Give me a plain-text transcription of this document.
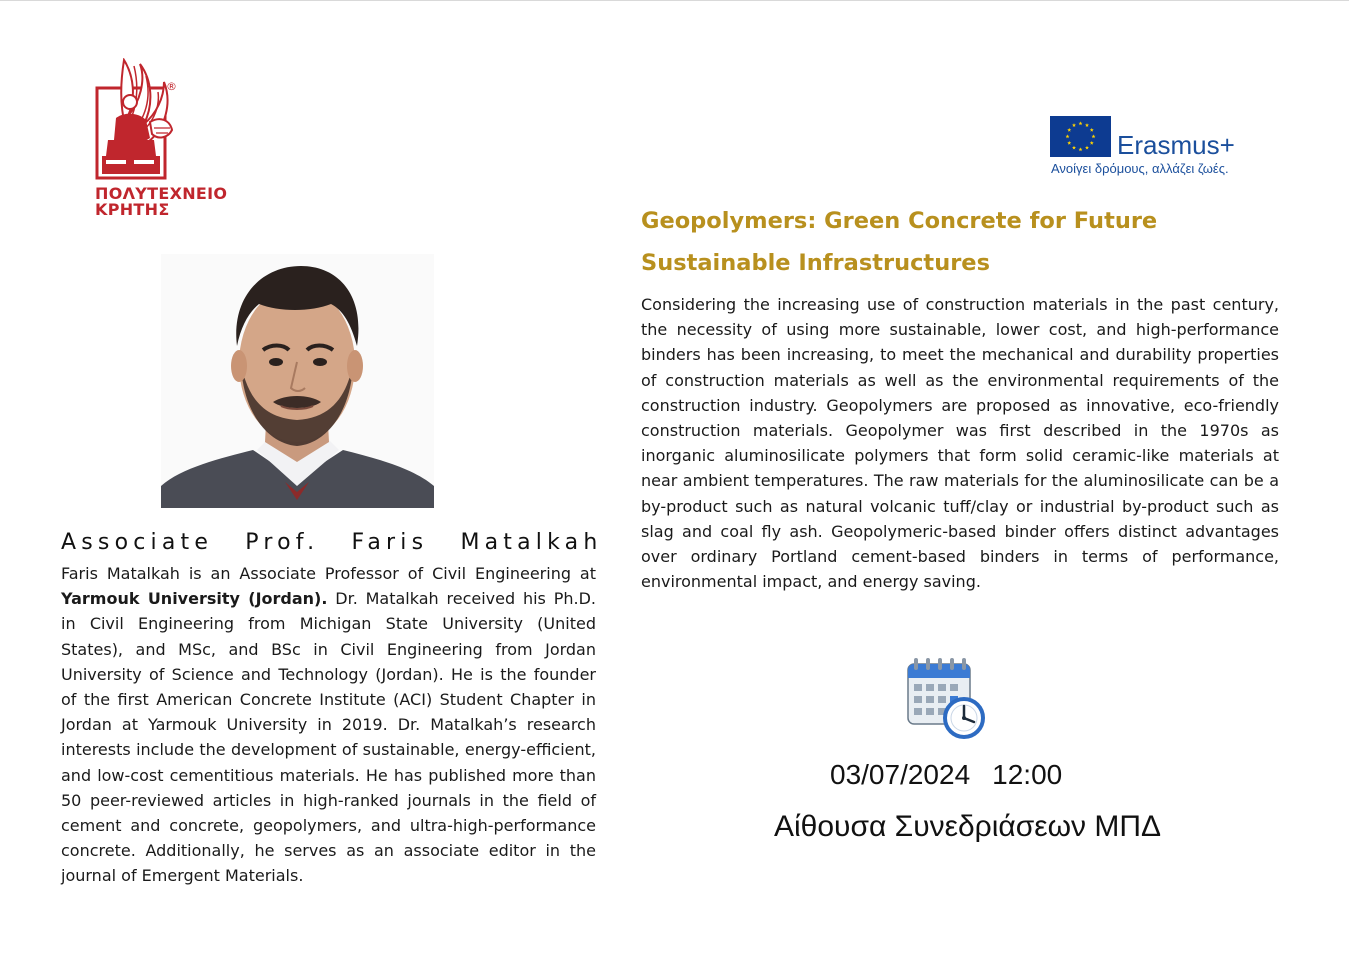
®
ΠΟΛΥΤΕΧΝΕΙΟ
ΚΡΗΤΗΣ
Erasmus+
Ανοίγει δρόμους, αλλάζει ζωές.
Associate Prof. Faris Matalkah

Faris Matalkah is an Associate Professor of Civil Engineering at Yarmouk University (Jordan). Dr. Matalkah received his Ph.D. in Civil Engineering from Michigan State University (United States), and MSc, and BSc in Civil Engineering from Jordan University of Science and Technology (Jordan). He is the founder of the first American Concrete Institute (ACI) Student Chapter in Jordan at Yarmouk University in 2019. Dr. Matalkah’s research interests include the development of sustainable, energy-efficient, and low-cost cementitious materials. He has published more than 50 peer-reviewed articles in high-ranked journals in the field of cement and concrete, geopolymers, and ultra-high-performance concrete. Additionally, he serves as an associate editor in the journal of Emergent Materials.

Geopolymers: Green Concrete for Future Sustainable Infrastructures

Considering the increasing use of construction materials in the past century, the necessity of using more sustainable, lower cost, and high-performance binders has been increasing, to meet the mechanical and durability properties of construction materials as well as the environmental requirements of the construction industry. Geopolymers are proposed as innovative, eco-friendly construction materials. Geopolymer was first described in the 1970s as inorganic aluminosilicate polymers that form solid ceramic-like materials at near ambient temperatures. The raw materials for the aluminosilicate can be a by-product such as natural volcanic tuff/clay or industrial by-product such as slag and coal fly ash. Geopolymeric-based binder offers distinct advantages over ordinary Portland cement-based binders in terms of performance, environmental impact, and energy saving.

03/07/2024 12:00
Αίθουσα Συνεδριάσεων ΜΠΔ
